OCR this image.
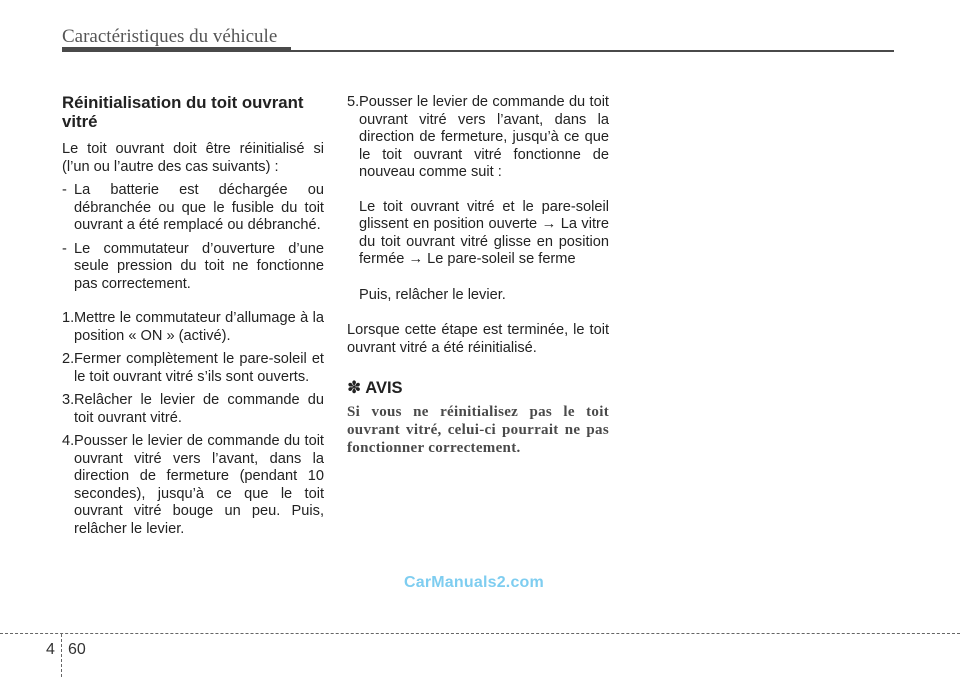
Caractéristiques du véhicule
Réinitialisation du toit ouvrant vitré

Le toit ouvrant doit être réinitialisé si (l’un ou l’autre des cas suivants) :

- La batterie est déchargée ou débranchée ou que le fusible du toit ouvrant a été remplacé ou débranché.
- Le commutateur d’ouverture d’une seule pression du toit ne fonctionne pas correctement.
1. Mettre le commutateur d’allumage à la position « ON » (activé).
2. Fermer complètement le pare-soleil et le toit ouvrant vitré s’ils sont ouverts.
3. Relâcher le levier de commande du toit ouvrant vitré.
4. Pousser le levier de commande du toit ouvrant vitré vers l’avant, dans la direction de fermeture (pendant 10 secondes), jusqu’à ce que le toit ouvrant vitré bouge un peu. Puis, relâcher le levier.
5. Pousser le levier de commande du toit ouvrant vitré vers l’avant, dans la direction de fermeture, jusqu’à ce que le toit ouvrant vitré fonctionne de nouveau comme suit :

Le toit ouvrant vitré et le pare-soleil glissent en position ouverte → La vitre du toit ouvrant vitré glisse en position fermée → Le pare-soleil se ferme

Puis, relâcher le levier.

Lorsque cette étape est terminée, le toit ouvrant vitré a été réinitialisé.

✽ AVIS

Si vous ne réinitialisez pas le toit ouvrant vitré, celui-ci pourrait ne pas fonctionner correctement.

CarManuals2.com
4 60
